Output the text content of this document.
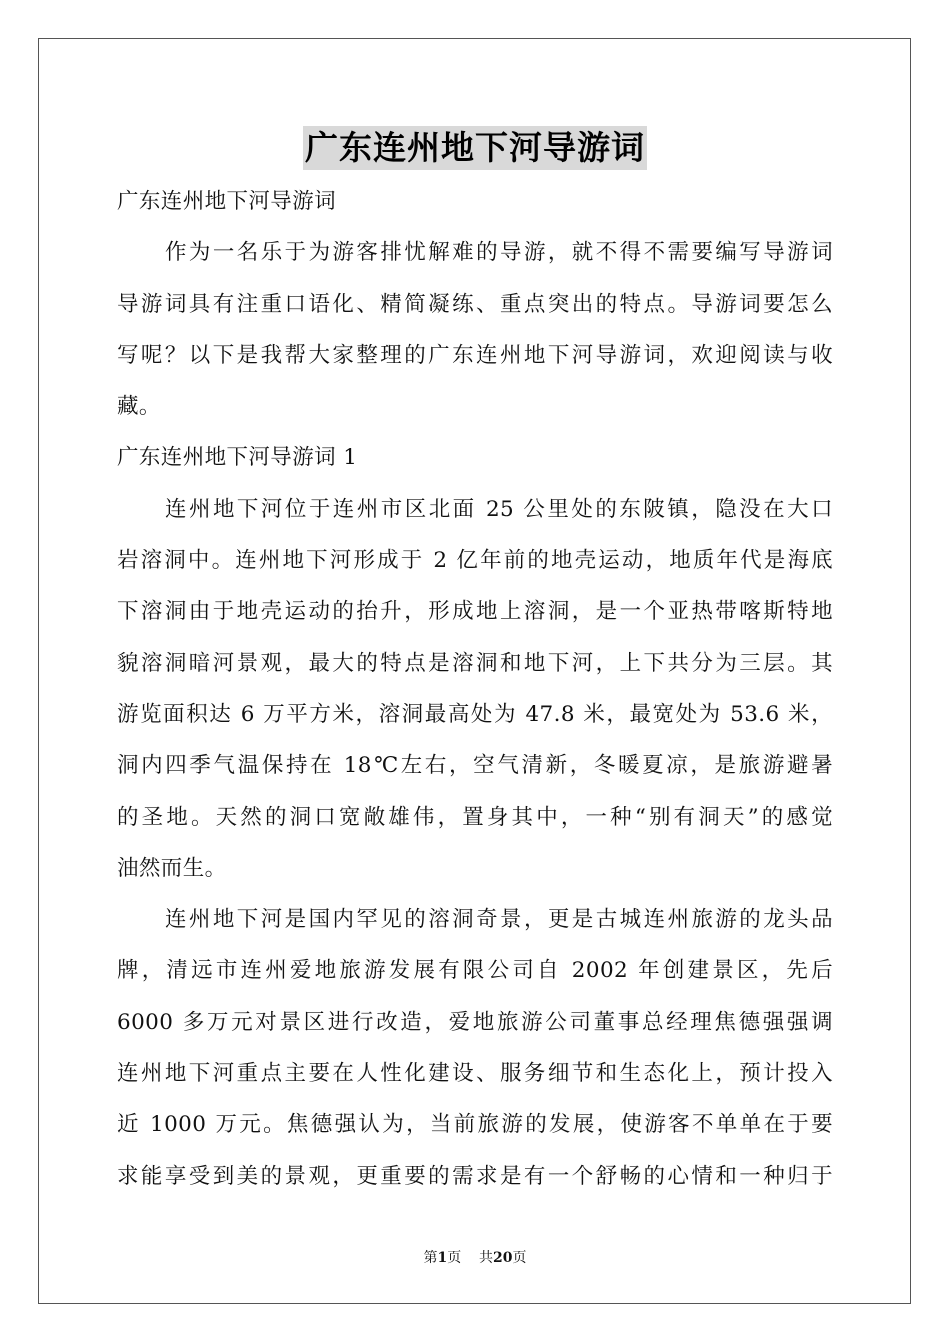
广东连州地下河导游词
广东连州地下河导游词
作为一名乐于为游客排忧解难的导游，就不得不需要编写导游词
导游词具有注重口语化、精简凝练、重点突出的特点。导游词要怎么
写呢？以下是我帮大家整理的广东连州地下河导游词，欢迎阅读与收
藏。
广东连州地下河导游词 1
连州地下河位于连州市区北面 25 公里处的东陂镇，隐没在大口
岩溶洞中。连州地下河形成于 2 亿年前的地壳运动，地质年代是海底
下溶洞由于地壳运动的抬升，形成地上溶洞，是一个亚热带喀斯特地
貌溶洞暗河景观，最大的特点是溶洞和地下河，上下共分为三层。其
游览面积达 6 万平方米，溶洞最高处为 47.8 米，最宽处为 53.6 米，
洞内四季气温保持在 18℃左右，空气清新，冬暖夏凉，是旅游避暑
的圣地。天然的洞口宽敞雄伟，置身其中，一种“别有洞天”的感觉
油然而生。
连州地下河是国内罕见的溶洞奇景，更是古城连州旅游的龙头品
牌，清远市连州爱地旅游发展有限公司自 2002 年创建景区，先后
6000 多万元对景区进行改造，爱地旅游公司董事总经理焦德强强调
连州地下河重点主要在人性化建设、服务细节和生态化上，预计投入
近 1000 万元。焦德强认为，当前旅游的发展，使游客不单单在于要
求能享受到美的景观，更重要的需求是有一个舒畅的心情和一种归于
第1页 共20页
